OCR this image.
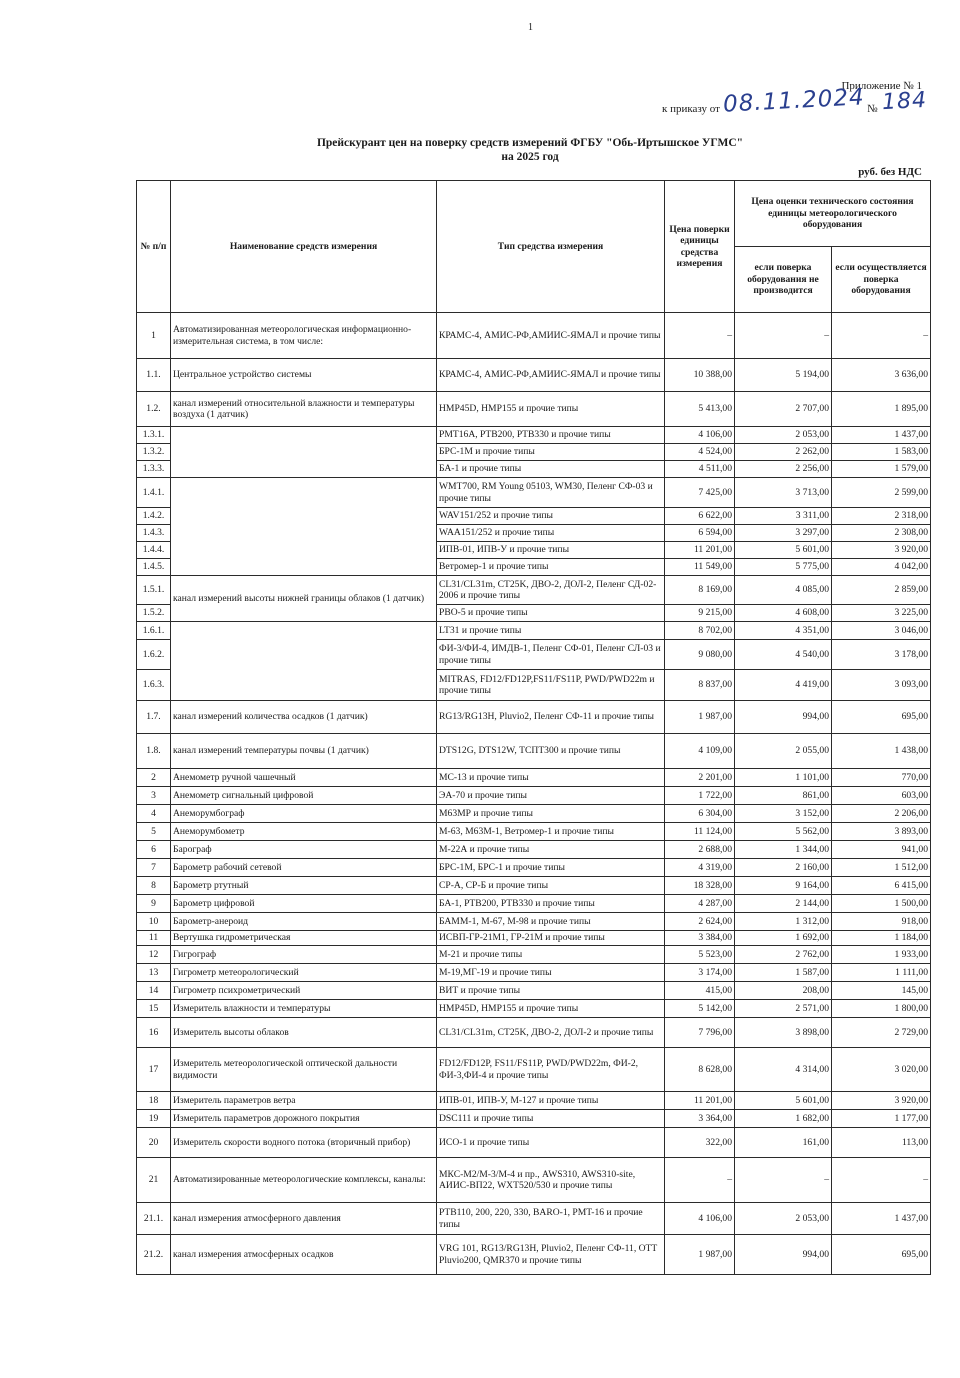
1
Приложение № 1
к приказу от 08.11.2024 № 184
Прейскурант цен на поверку средств измерений ФГБУ "Обь-Иртышское УГМС"
на 2025 год
руб. без НДС
№ п/п	Наименование средств измерения	Тип средства измерения	Цена поверки единицы средства измерения	Цена оценки технического состояния единицы метеорологического оборудования	
				если поверка оборудования не производится	если осуществляется поверка оборудования
1	Автоматизированная метеорологическая информационно-измерительная система, в том числе:	КРАМС-4, АМИС-РФ,АМИИС-ЯМАЛ и прочие типы	–	–	–
1.1.	Центральное устройство системы	КРАМС-4, АМИС-РФ,АМИИС-ЯМАЛ и прочие типы	10 388,00	5 194,00	3 636,00
1.2.	канал измерений относительной влажности и температуры воздуха (1 датчик)	HMP45D, HMP155 и прочие типы	5 413,00	2 707,00	1 895,00
1.3.1.		PMT16A, PTB200, PTB330 и прочие типы	4 106,00	2 053,00	1 437,00
1.3.2.		БРС-1М и прочие типы	4 524,00	2 262,00	1 583,00
1.3.3.		БА-1 и прочие типы	4 511,00	2 256,00	1 579,00
1.4.1.		WMT700, RM Young 05103, WM30, Пеленг СФ-03 и прочие типы	7 425,00	3 713,00	2 599,00
1.4.2.		WAV151/252 и прочие типы	6 622,00	3 311,00	2 318,00
1.4.3.		WAA151/252 и прочие типы	6 594,00	3 297,00	2 308,00
1.4.4.		ИПВ-01, ИПВ-У и прочие типы	11 201,00	5 601,00	3 920,00
1.4.5.		Ветромер-1 и прочие типы	11 549,00	5 775,00	4 042,00
1.5.1.	канал измерений высоты нижней границы облаков (1 датчик)	CL31/CL31m, CT25K, ДВО-2, ДОЛ-2, Пеленг СД-02-2006 и прочие типы	8 169,00	4 085,00	2 859,00
1.5.2.		РВО-5 и прочие типы	9 215,00	4 608,00	3 225,00
1.6.1.		LT31 и прочие типы	8 702,00	4 351,00	3 046,00
1.6.2.		ФИ-3/ФИ-4, ИМДВ-1, Пеленг СФ-01, Пеленг СЛ-03 и прочие типы	9 080,00	4 540,00	3 178,00
1.6.3.		MITRAS, FD12/FD12P,FS11/FS11P, PWD/PWD22m и прочие типы	8 837,00	4 419,00	3 093,00
1.7.	канал измерений количества осадков (1 датчик)	RG13/RG13H, Pluvio2, Пеленг СФ-11 и прочие типы	1 987,00	994,00	695,00
1.8.	канал измерений температуры почвы (1 датчик)	DTS12G, DTS12W, ТСПТ300 и прочие типы	4 109,00	2 055,00	1 438,00
2	Анемометр ручной чашечный	МС-13 и прочие типы	2 201,00	1 101,00	770,00
3	Анемометр сигнальный цифровой	ЭА-70 и прочие типы	1 722,00	861,00	603,00
4	Анеморумбограф	М63МР и прочие типы	6 304,00	3 152,00	2 206,00
5	Анеморумбометр	М-63, М63М-1, Ветромер-1 и прочие типы	11 124,00	5 562,00	3 893,00
6	Барограф	М-22А и прочие типы	2 688,00	1 344,00	941,00
7	Барометр рабочий сетевой	БРС-1М, БРС-1 и прочие типы	4 319,00	2 160,00	1 512,00
8	Барометр ртутный	СР-А, СР-Б и прочие типы	18 328,00	9 164,00	6 415,00
9	Барометр цифровой	БА-1, PTB200, PTB330 и прочие типы	4 287,00	2 144,00	1 500,00
10	Барометр-анероид	БАММ-1, М-67, М-98 и прочие типы	2 624,00	1 312,00	918,00
11	Вертушка гидрометрическая	ИСВП-ГР-21М1, ГР-21М и прочие типы	3 384,00	1 692,00	1 184,00
12	Гигрограф	М-21 и прочие типы	5 523,00	2 762,00	1 933,00
13	Гигрометр метеорологический	М-19,МГ-19 и прочие типы	3 174,00	1 587,00	1 111,00
14	Гигрометр психрометрический	ВИТ и прочие типы	415,00	208,00	145,00
15	Измеритель влажности и температуры	HMP45D, HMP155 и прочие типы	5 142,00	2 571,00	1 800,00
16	Измеритель высоты облаков	CL31/CL31m, CT25K, ДВО-2, ДОЛ-2 и прочие типы	7 796,00	3 898,00	2 729,00
17	Измеритель метеорологической оптической дальности видимости	FD12/FD12P, FS11/FS11P, PWD/PWD22m, ФИ-2, ФИ-3,ФИ-4 и прочие типы	8 628,00	4 314,00	3 020,00
18	Измеритель параметров ветра	ИПВ-01, ИПВ-У, М-127 и прочие типы	11 201,00	5 601,00	3 920,00
19	Измеритель параметров дорожного покрытия	DSC111 и прочие типы	3 364,00	1 682,00	1 177,00
20	Измеритель скорости водного потока (вторичный прибор)	ИСО-1 и прочие типы	322,00	161,00	113,00
21	Автоматизированные метеорологические комплексы, каналы:	МКС-М2/М-3/М-4 и пр., AWS310, AWS310-site, АИИС-ВП22, WXT520/530 и прочие типы	–	–	–
21.1.	канал измерения атмосферного давления	PTB110, 200, 220, 330, BARO-1, PMT-16 и прочие типы	4 106,00	2 053,00	1 437,00
21.2.	канал измерения атмосферных осадков	VRG 101, RG13/RG13H, Pluvio2, Пеленг СФ-11, OTT Pluvio200, QMR370 и прочие типы	1 987,00	994,00	695,00
